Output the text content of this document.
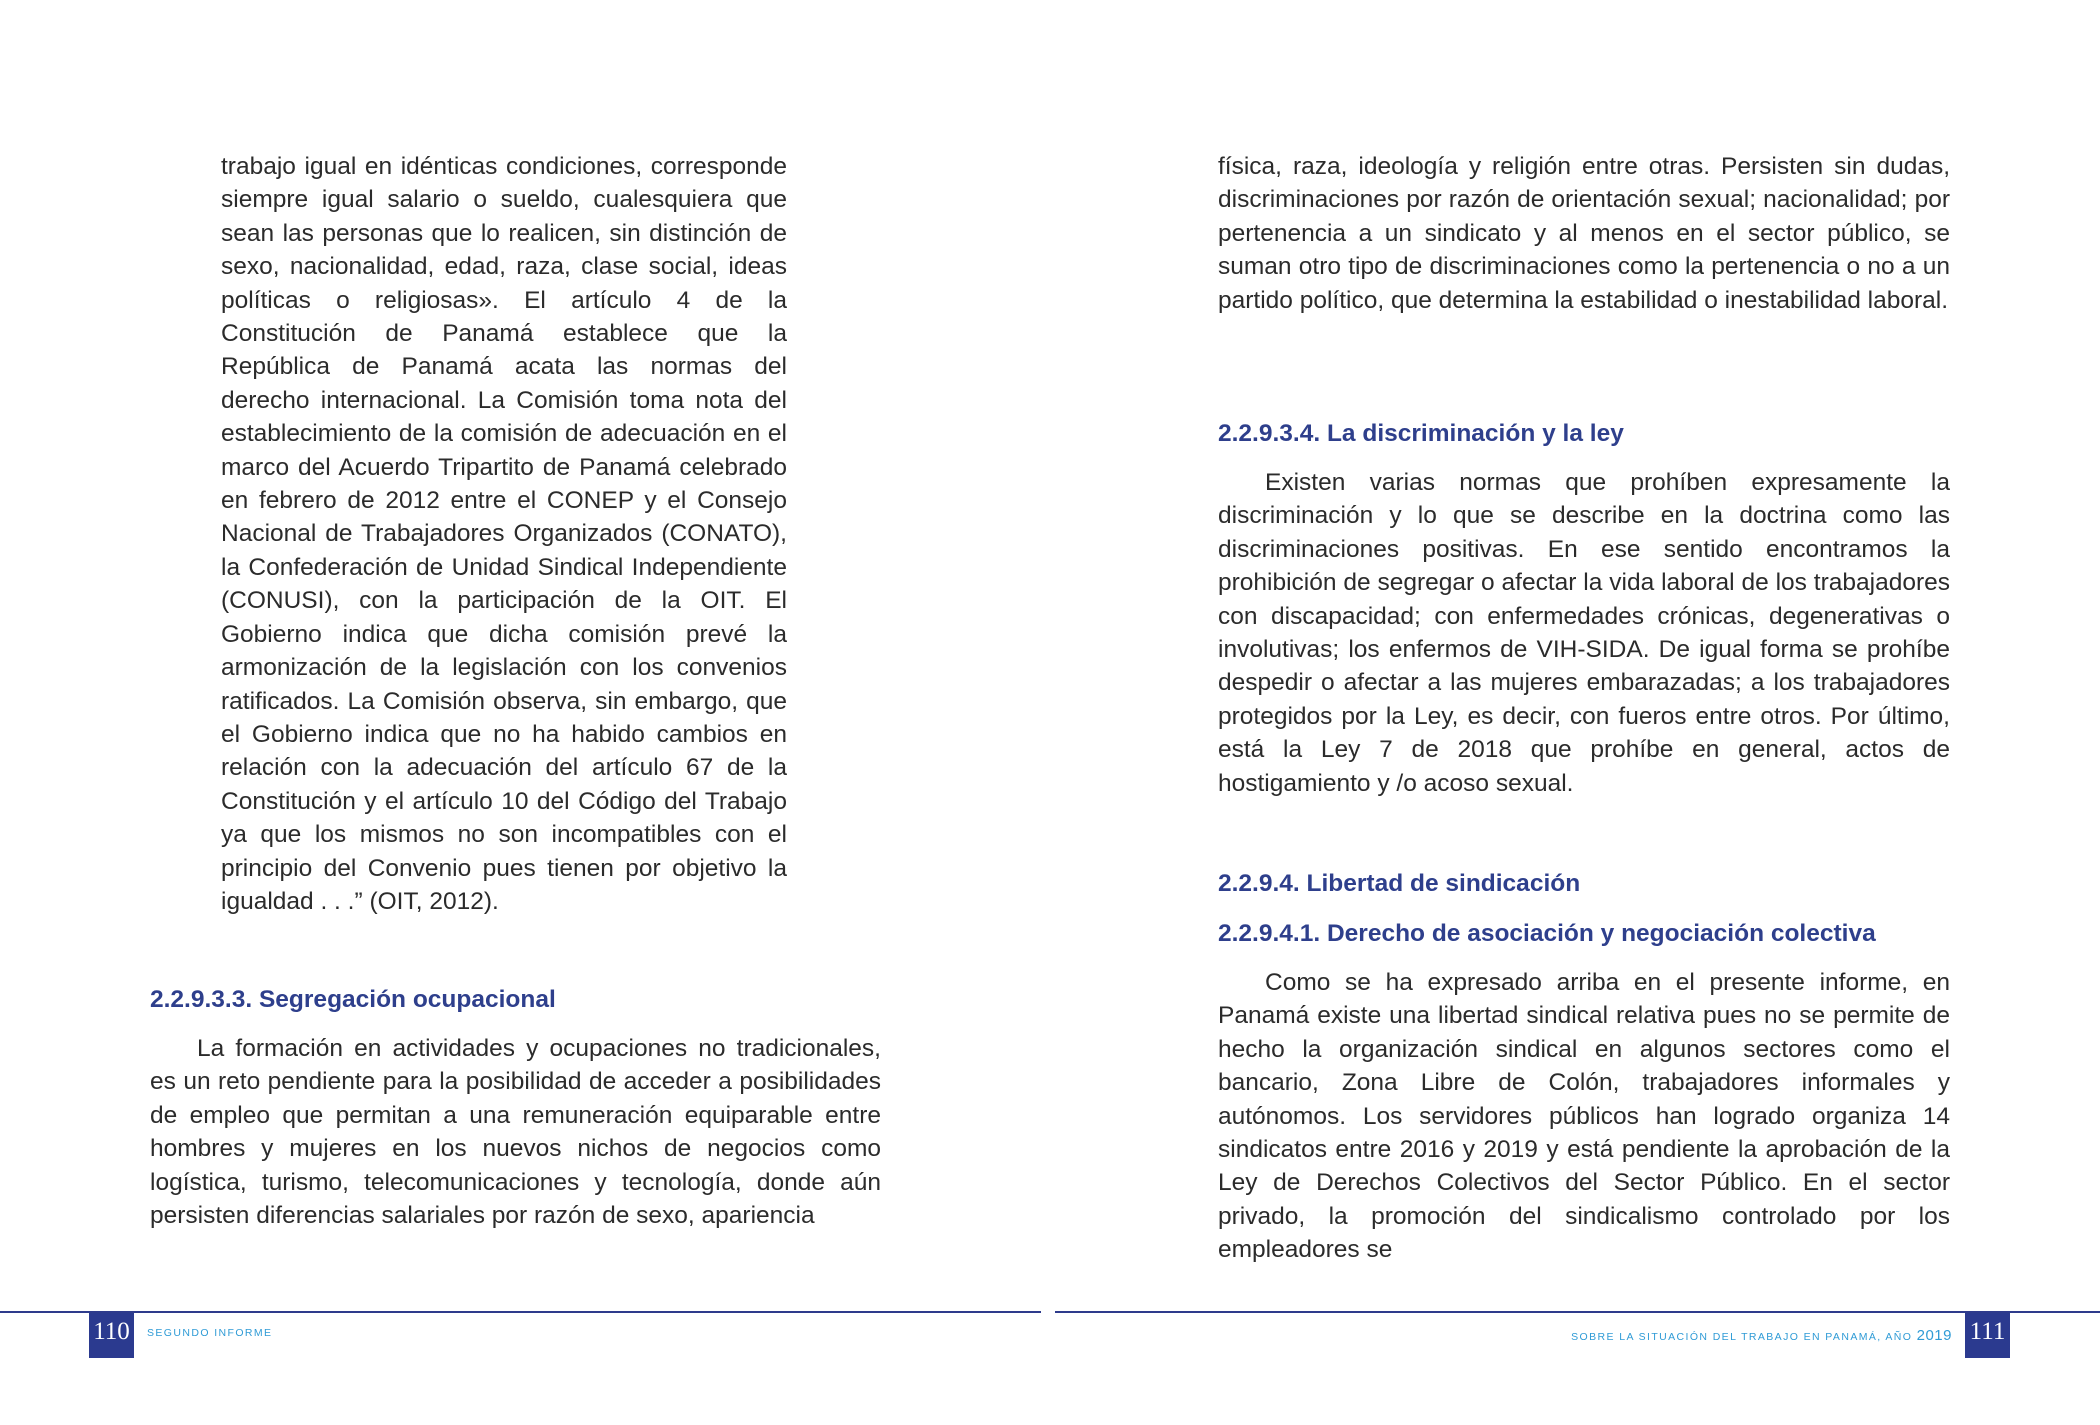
trabajo igual en idénticas condiciones, corresponde siempre igual salario o sueldo, cualesquiera que sean las personas que lo realicen, sin distinción de sexo, nacionalidad, edad, raza, clase social, ideas políticas o religiosas». El artículo 4 de la Constitución de Panamá establece que la República de Panamá acata las normas del derecho internacional. La Comisión toma nota del establecimiento de la comisión de adecuación en el marco del Acuerdo Tripartito de Panamá celebrado en febrero de 2012 entre el CONEP y el Consejo Nacional de Trabajadores Organizados (CONATO), la Confederación de Unidad Sindical Independiente (CONUSI), con la participación de la OIT. El Gobierno indica que dicha comisión prevé la armonización de la legislación con los convenios ratificados. La Comisión observa, sin embargo, que el Gobierno indica que no ha habido cambios en relación con la adecuación del artículo 67 de la Constitución y el artículo 10 del Código del Trabajo ya que los mismos no son incompatibles con el principio del Convenio pues tienen por objetivo la igualdad . . .” (OIT, 2012).

2.2.9.3.3. Segregación ocupacional

La formación en actividades y ocupaciones no tradicionales, es un reto pendiente para la posibilidad de acceder a posibilidades de empleo que permitan a una remuneración equiparable entre hombres y mujeres en los nuevos nichos de negocios como logística, turismo, telecomunicaciones y tecnología, donde aún persisten diferencias salariales por razón de sexo, apariencia

110	SEGUNDO INFORME

física, raza, ideología y religión entre otras. Persisten sin dudas, discriminaciones por razón de orientación sexual; nacionalidad; por pertenencia a un sindicato y al menos en el sector público, se suman otro tipo de discriminaciones como la pertenencia o no a un partido político, que determina la estabilidad o inestabilidad laboral.

2.2.9.3.4. La discriminación y la ley

Existen varias normas que prohíben expresamente la discriminación y lo que se describe en la doctrina como las discriminaciones positivas. En ese sentido encontramos la prohibición de segregar o afectar la vida laboral de los trabajadores con discapacidad; con enfermedades crónicas, degenerativas o involutivas; los enfermos de VIH-SIDA. De igual forma se prohíbe despedir o afectar a las mujeres embarazadas; a los trabajadores protegidos por la Ley, es decir, con fueros entre otros. Por último, está la Ley 7 de 2018 que prohíbe en general, actos de hostigamiento y /o acoso sexual.

2.2.9.4. Libertad de sindicación
2.2.9.4.1. Derecho de asociación y negociación colectiva

Como se ha expresado arriba en el presente informe, en Panamá existe una libertad sindical relativa pues no se permite de hecho la organización sindical en algunos sectores como el bancario, Zona Libre de Colón, trabajadores informales y autónomos. Los servidores públicos han logrado organiza 14 sindicatos entre 2016 y 2019 y está pendiente la aprobación de la Ley de Derechos Colectivos del Sector Público. En el sector privado, la promoción del sindicalismo controlado por los empleadores se

SOBRE LA SITUACIÓN DEL TRABAJO EN PANAMÁ, AÑO 2019 111
